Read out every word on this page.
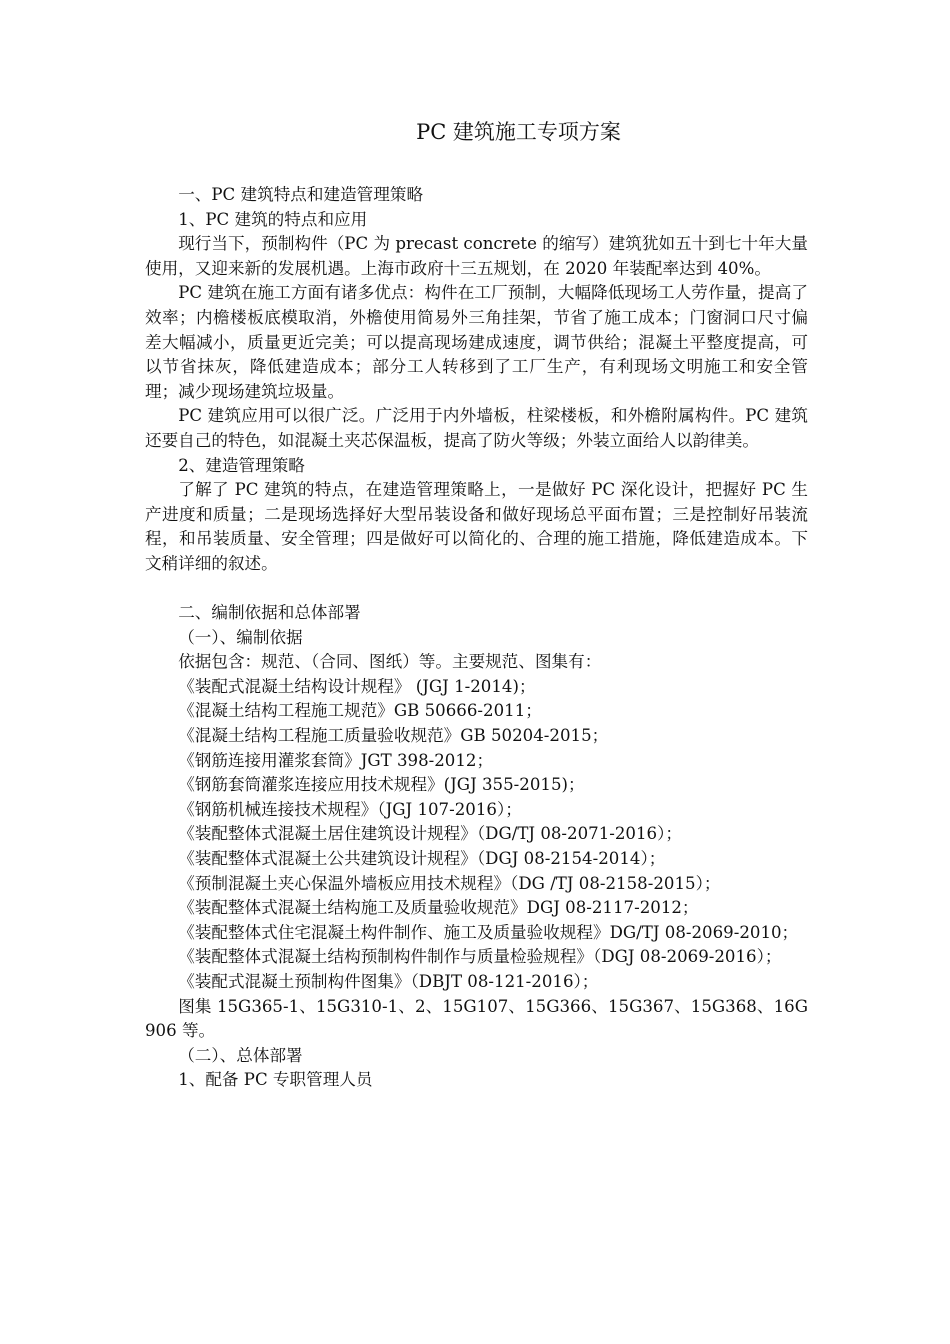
PC 建筑施工专项方案

一、PC 建筑特点和建造管理策略

1、PC 建筑的特点和应用

现行当下，预制构件（PC 为 precast concrete 的缩写）建筑犹如五十到七十年大量使用，又迎来新的发展机遇。上海市政府十三五规划，在 2020 年装配率达到 40%。

PC 建筑在施工方面有诸多优点：构件在工厂预制，大幅降低现场工人劳作量，提高了效率；内檐楼板底模取消，外檐使用简易外三角挂架，节省了施工成本；门窗洞口尺寸偏差大幅减小，质量更近完美；可以提高现场建成速度，调节供给；混凝土平整度提高，可以节省抹灰，降低建造成本；部分工人转移到了工厂生产，有利现场文明施工和安全管理；减少现场建筑垃圾量。

PC 建筑应用可以很广泛。广泛用于内外墙板，柱梁楼板，和外檐附属构件。PC 建筑还要自己的特色，如混凝土夹芯保温板，提高了防火等级；外装立面给人以韵律美。

2、建造管理策略

了解了 PC 建筑的特点，在建造管理策略上，一是做好 PC 深化设计，把握好 PC 生产进度和质量；二是现场选择好大型吊装设备和做好现场总平面布置；三是控制好吊装流程，和吊装质量、安全管理；四是做好可以简化的、合理的施工措施，降低建造成本。下文稍详细的叙述。

二、编制依据和总体部署

（一）、编制依据

依据包含：规范、（合同、图纸）等。主要规范、图集有：

《装配式混凝土结构设计规程》 (JGJ 1-2014)；

《混凝土结构工程施工规范》GB 50666-2011；

《混凝土结构工程施工质量验收规范》GB 50204-2015；

《钢筋连接用灌浆套筒》JGT 398-2012；

《钢筋套筒灌浆连接应用技术规程》(JGJ 355-2015)；

《钢筋机械连接技术规程》（JGJ 107-2016）；

《装配整体式混凝土居住建筑设计规程》（DG/TJ 08-2071-2016）；

《装配整体式混凝土公共建筑设计规程》（DGJ 08-2154-2014）；

《预制混凝土夹心保温外墙板应用技术规程》（DG /TJ 08-2158-2015）；

《装配整体式混凝土结构施工及质量验收规范》DGJ 08-2117-2012；

《装配整体式住宅混凝土构件制作、施工及质量验收规程》DG/TJ 08-2069-2010；

《装配整体式混凝土结构预制构件制作与质量检验规程》（DGJ 08-2069-2016）；

《装配式混凝土预制构件图集》（DBJT 08-121-2016）；

图集 15G365-1、15G310-1、2、15G107、15G366、15G367、15G368、16G906 等。

（二）、总体部署

1、配备 PC 专职管理人员
